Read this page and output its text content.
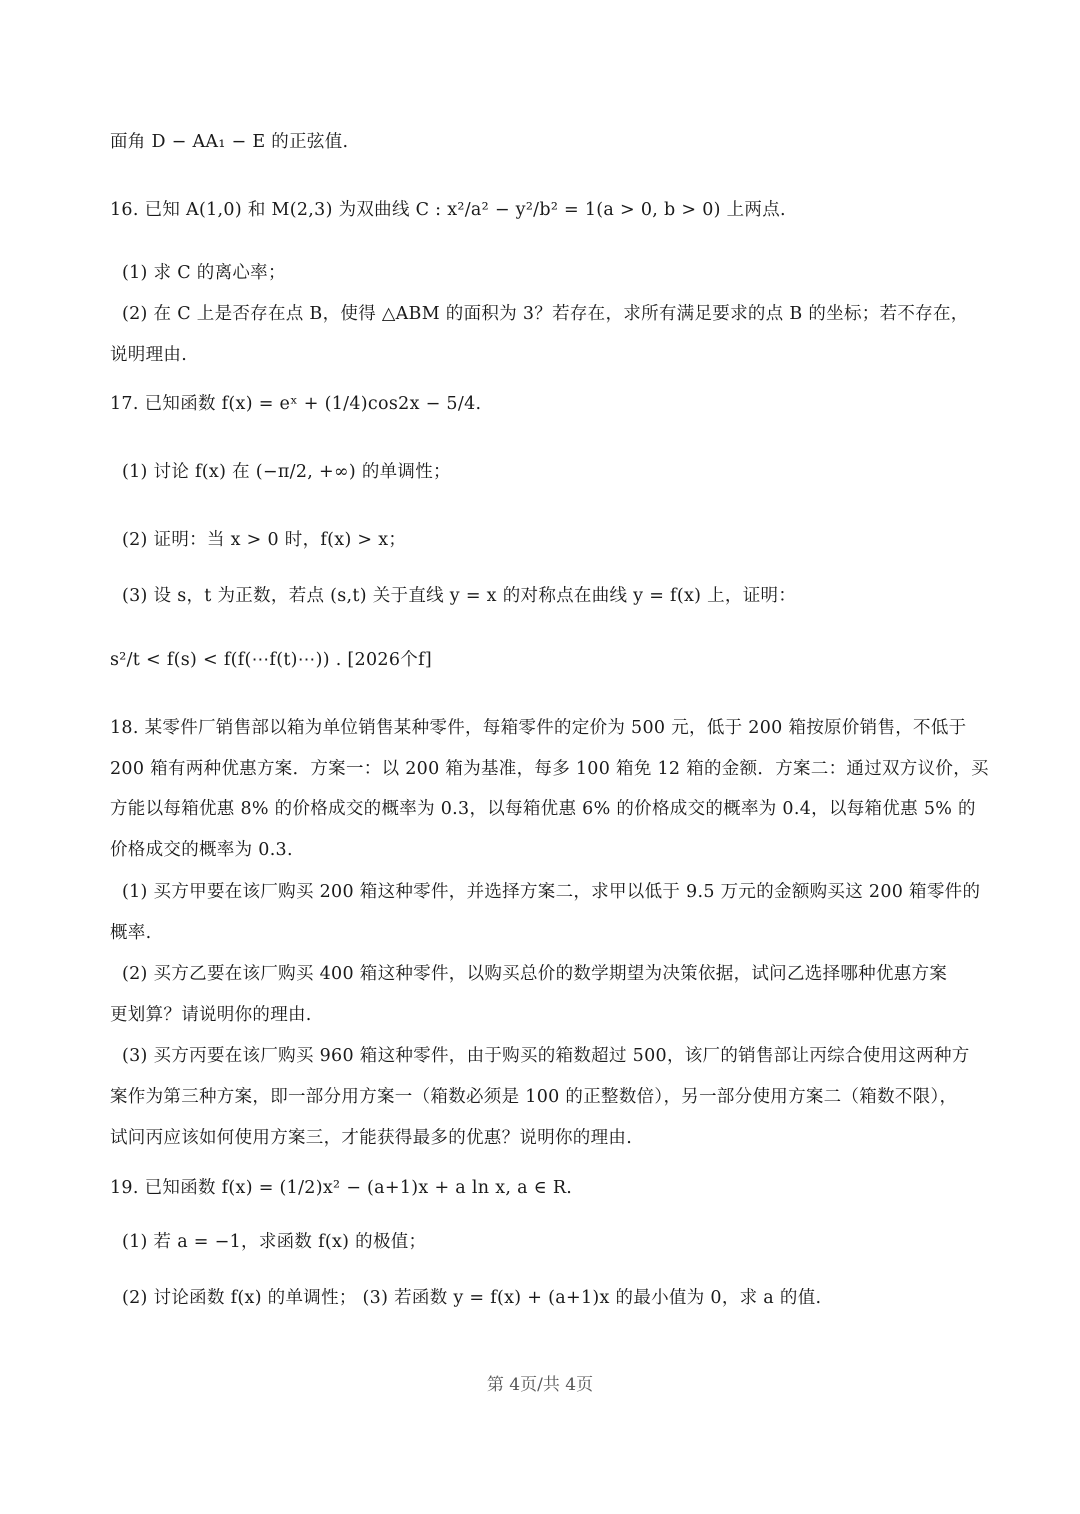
面角 D − AA₁ − E 的正弦值.
16. 已知 A(1,0) 和 M(2,3) 为双曲线 C : x²/a² − y²/b² = 1(a > 0, b > 0) 上两点.
(1) 求 C 的离心率；
(2) 在 C 上是否存在点 B，使得 △ABM 的面积为 3？若存在，求所有满足要求的点 B 的坐标；若不存在，
说明理由.
17. 已知函数 f(x) = eˣ + (1/4)cos2x − 5/4.
(1) 讨论 f(x) 在 (−π/2, +∞) 的单调性；
(2) 证明：当 x > 0 时，f(x) > x；
(3) 设 s，t 为正数，若点 (s,t) 关于直线 y = x 的对称点在曲线 y = f(x) 上，证明：
s²/t < f(s) < f(f(⋯f(t)⋯)) . [2026个f]
18. 某零件厂销售部以箱为单位销售某种零件，每箱零件的定价为 500 元，低于 200 箱按原价销售，不低于
200 箱有两种优惠方案．方案一：以 200 箱为基准，每多 100 箱免 12 箱的金额．方案二：通过双方议价，买
方能以每箱优惠 8% 的价格成交的概率为 0.3，以每箱优惠 6% 的价格成交的概率为 0.4，以每箱优惠 5% 的
价格成交的概率为 0.3.
(1) 买方甲要在该厂购买 200 箱这种零件，并选择方案二，求甲以低于 9.5 万元的金额购买这 200 箱零件的
概率.
(2) 买方乙要在该厂购买 400 箱这种零件，以购买总价的数学期望为决策依据，试问乙选择哪种优惠方案
更划算？请说明你的理由.
(3) 买方丙要在该厂购买 960 箱这种零件，由于购买的箱数超过 500，该厂的销售部让丙综合使用这两种方
案作为第三种方案，即一部分用方案一（箱数必须是 100 的正整数倍），另一部分使用方案二（箱数不限），
试问丙应该如何使用方案三，才能获得最多的优惠？说明你的理由.
19. 已知函数 f(x) = (1/2)x² − (a+1)x + a ln x, a ∈ R.
(1) 若 a = −1，求函数 f(x) 的极值；
(2) 讨论函数 f(x) 的单调性； (3) 若函数 y = f(x) + (a+1)x 的最小值为 0，求 a 的值.
第 4页/共 4页
